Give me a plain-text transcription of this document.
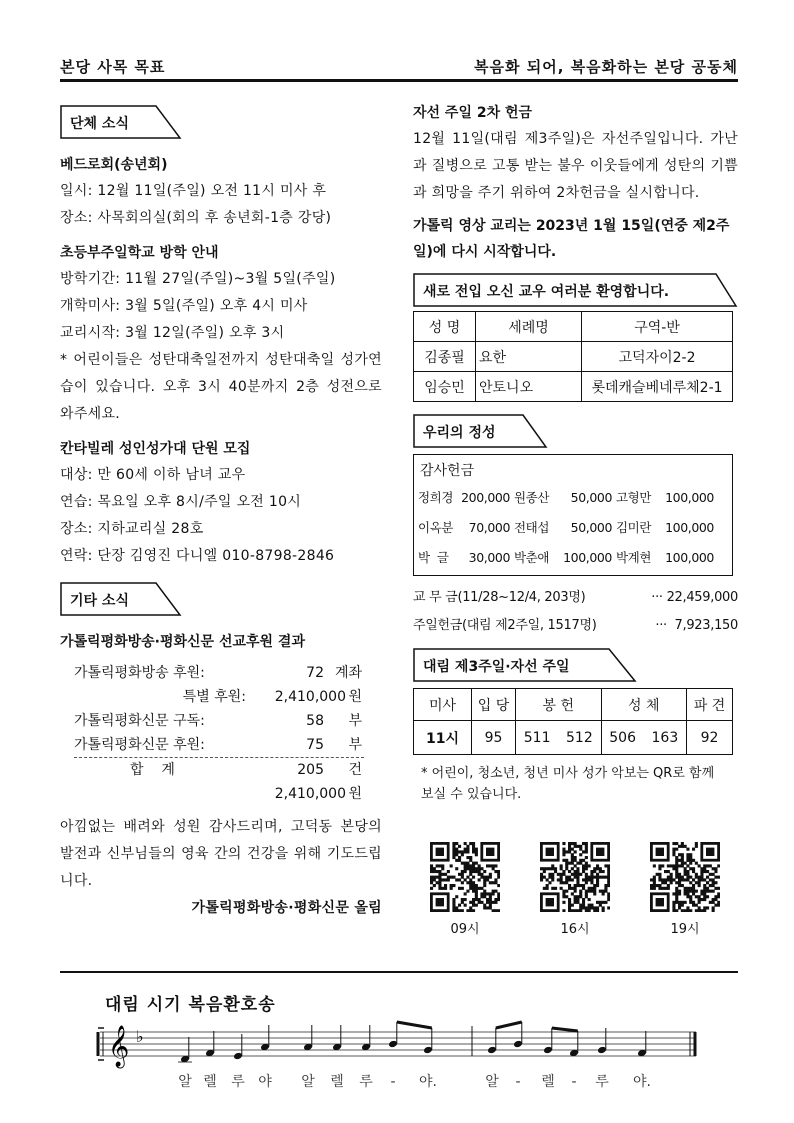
본당 사목 목표	복음화 되어, 복음화하는 본당 공동체
단체 소식
베드로회(송년회)
일시: 12월 11일(주일) 오전 11시 미사 후
장소: 사목회의실(회의 후 송년회-1층 강당)
초등부주일학교 방학 안내
방학기간: 11월 27일(주일)~3월 5일(주일)
개학미사: 3월 5일(주일) 오후 4시 미사
교리시작: 3월 12일(주일) 오후 3시
* 어린이들은 성탄대축일전까지 성탄대축일 성가연습이 있습니다. 오후 3시 40분까지 2층 성전으로 와주세요.
칸타빌레 성인성가대 단원 모집
대상: 만 60세 이하 남녀 교우
연습: 목요일 오후 8시/주일 오전 10시
장소: 지하교리실 28호
연락: 단장 김영진 다니엘 010-8798-2846
기타 소식
가톨릭평화방송·평화신문 선교후원 결과
가톨릭평화방송 후원:	72 계좌
특별 후원:	2,410,000 원
가톨릭평화신문 구독:	58	부
가톨릭평화신문 후원:	75	부
합    계	205	건
2,410,000 원
아낌없는 배려와 성원 감사드리며, 고덕동 본당의 발전과 신부님들의 영육 간의 건강을 위해 기도드립니다.
가톨릭평화방송·평화신문 올림
자선 주일 2차 헌금
12월 11일(대림 제3주일)은 자선주일입니다. 가난과 질병으로 고통 받는 불우 이웃들에게 성탄의 기쁨과 희망을 주기 위하여 2차헌금을 실시합니다.
가톨릭 영상 교리는 2023년 1월 15일(연중 제2주일)에 다시 시작합니다.
새로 전입 오신 교우 여러분 환영합니다.
성 명	세례명	구역-반
김종필	요한	고덕자이2-2
임승민	안토니오	롯데캐슬베네루체2-1
우리의 정성
감사헌금
정희경 200,000 원종산	50,000 고형만	100,000
이옥분	70,000 전태섭	50,000 김미란	100,000
박  글	30,000 박춘애	100,000 박계현	100,000
교 무 금(11/28~12/4, 203명)	··· 22,459,000
주일헌금(대림 제2주일, 1517명)	···  7,923,150
대림 제3주일·자선 주일
미사	입 당	봉 헌		성 체		파 견
11시	95	511	512	506	163	92
* 어린이, 청소년, 청년 미사 성가 악보는 QR로 함께 보실 수 있습니다.
09시	16시	19시
대림 시기 복음환호송
𝄞 ♭
알 렐 루 야 알 렐 루 - 야.	알 - 렐 - 루 야.
